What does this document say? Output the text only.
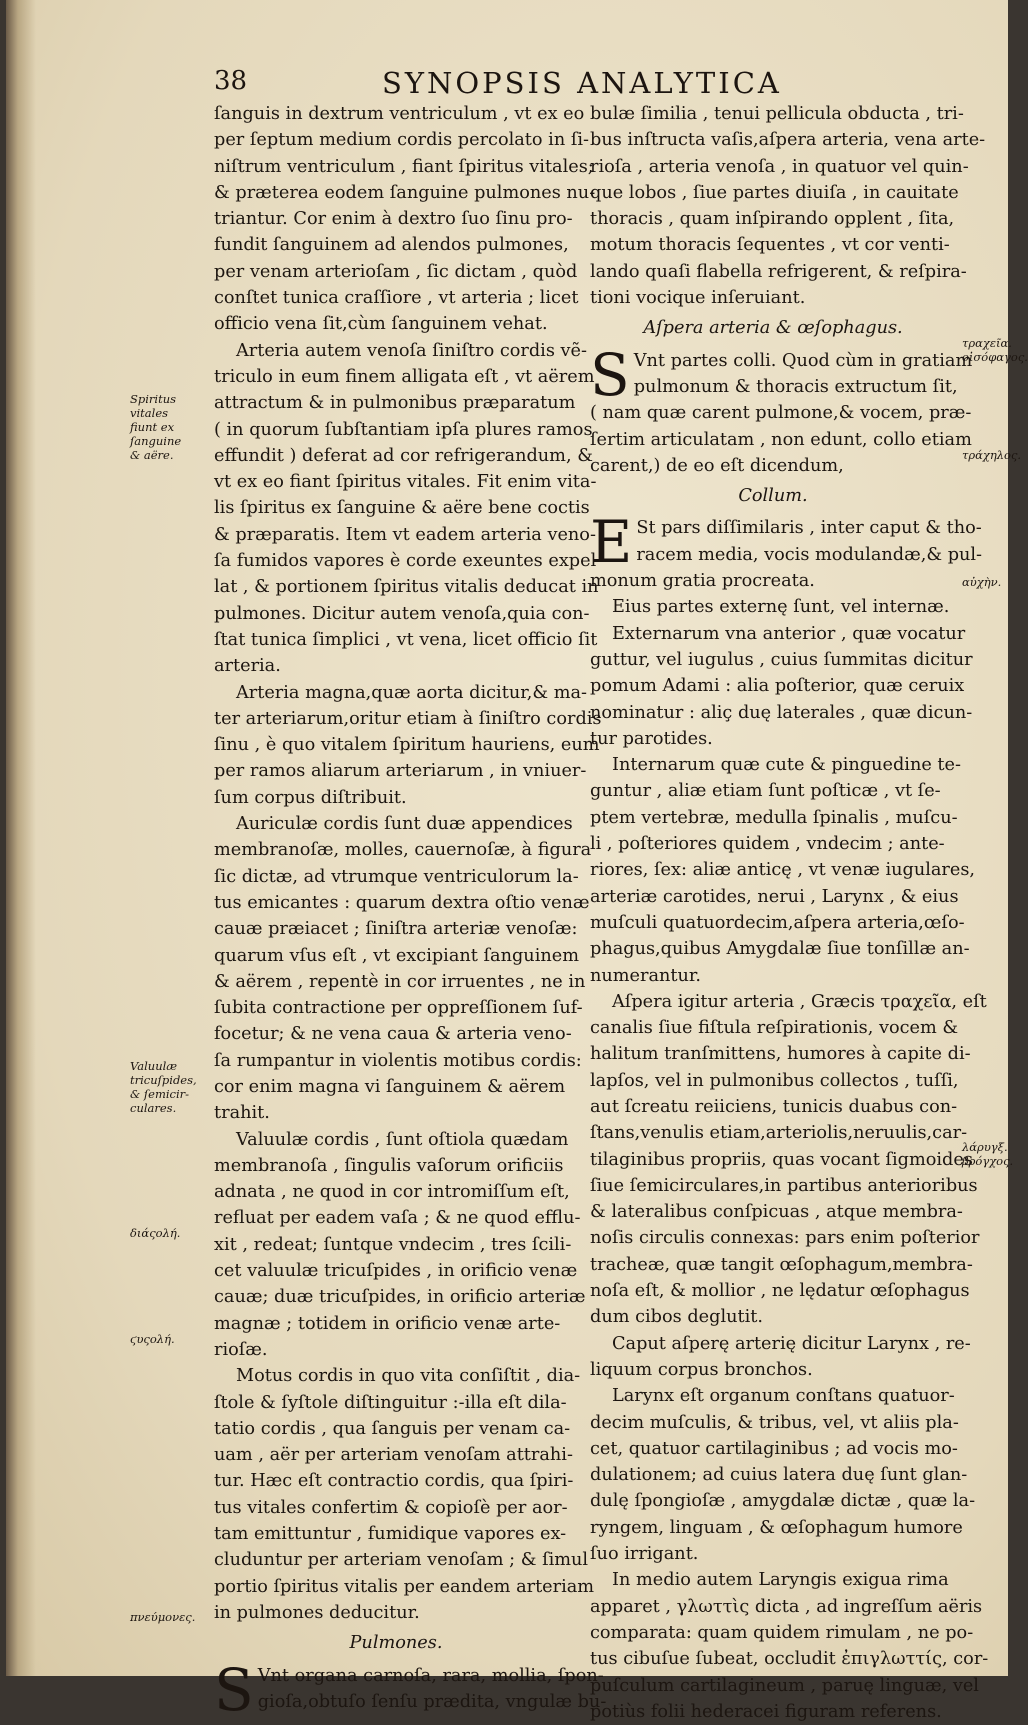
38	SYNOPSIS ANALYTICA

ſanguis in dextrum ventriculum , vt ex eo
per ſeptum medium cordis percolato in ſi-
niſtrum ventriculum , fiant ſpiritus vitales;
& præterea eodem ſanguine pulmones nu-
triantur. Cor enim à dextro ſuo ſinu pro-
fundit ſanguinem ad alendos pulmones,
per venam arterioſam , ſic dictam , quòd
conſtet tunica craſſiore , vt arteria ; licet
officio vena ſit,cùm ſanguinem vehat.

Arteria autem venoſa ſiniſtro cordis vẽ-
triculo in eum finem alligata eſt , vt aërem
attractum & in pulmonibus præparatum
( in quorum ſubſtantiam ipſa plures ramos
effundit ) deferat ad cor refrigerandum, &
vt ex eo fiant ſpiritus vitales. Fit enim vita-
lis ſpiritus ex ſanguine & aëre bene coctis
& præparatis. Item vt eadem arteria veno-
ſa fumidos vapores è corde exeuntes expel-
lat , & portionem ſpiritus vitalis deducat in
pulmones. Dicitur autem venoſa,quia con-
ſtat tunica ſimplici , vt vena, licet officio ſit
arteria.

Arteria magna,quæ aorta dicitur,& ma-
ter arteriarum,oritur etiam à ſiniſtro cordis
ſinu , è quo vitalem ſpiritum hauriens, eum
per ramos aliarum arteriarum , in vniuer-
ſum corpus diſtribuit.

Auriculæ cordis ſunt duæ appendices
membranoſæ, molles, cauernoſæ, à figura
ſic dictæ, ad vtrumque ventriculorum la-
tus emicantes : quarum dextra oſtio venæ
cauæ præiacet ; ſiniſtra arteriæ venoſæ:
quarum vſus eſt , vt excipiant ſanguinem
& aërem , repentè in cor irruentes , ne in
ſubita contractione per oppreſſionem ſuf-
focetur; & ne vena caua & arteria veno-
ſa rumpantur in violentis motibus cordis:
cor enim magna vi ſanguinem & aërem
trahit.

Valuulæ cordis , ſunt oſtiola quædam
membranoſa , ſingulis vaſorum orificiis
adnata , ne quod in cor intromiſſum eſt,
refluat per eadem vaſa ; & ne quod efflu-
xit , redeat; ſuntque vndecim , tres ſcili-
cet valuulæ tricuſpides , in orificio venæ
cauæ; duæ tricuſpides, in orificio arteriæ
magnæ ; totidem in orificio venæ arte-
rioſæ.

Motus cordis in quo vita conſiſtit , dia-
ſtole & ſyſtole diſtinguitur :-illa eſt dila-
tatio cordis , qua ſanguis per venam ca-
uam , aër per arteriam venoſam attrahi-
tur. Hæc eſt contractio cordis, qua ſpiri-
tus vitales confertim & copioſè per aor-
tam emittuntur , fumidique vapores ex-
cluduntur per arteriam venoſam ; & ſimul
portio ſpiritus vitalis per eandem arteriam
in pulmones deducitur.

Pulmones.

S Vnt organa carnoſa, rara, mollia, ſpon-
gioſa,obtuſo ſenſu prædita, vngulæ bu-

bulæ ſimilia , tenui pellicula obducta , tri-
bus inſtructa vaſis,aſpera arteria, vena arte-
rioſa , arteria venoſa , in quatuor vel quin-
que lobos , ſiue partes diuiſa , in cauitate
thoracis , quam inſpirando opplent , ſita,
motum thoracis ſequentes , vt cor venti-
lando quaſi flabella refrigerent, & reſpira-
tioni vocique inſeruiant.

Aſpera arteria & œſophagus.

S Vnt partes colli. Quod cùm in gratiam
pulmonum & thoracis extructum ſit,
( nam quæ carent pulmone,& vocem, præ-
ſertim articulatam , non edunt, collo etiam
carent,) de eo eſt dicendum,

Collum.

E St pars diſſimilaris , inter caput & tho-
racem media, vocis modulandæ,& pul-
monum gratia procreata.

Eius partes externę ſunt, vel internæ.

Externarum vna anterior , quæ vocatur
guttur, vel iugulus , cuius ſummitas dicitur
pomum Adami : alia poſterior, quæ ceruix
nominatur : aliç duę laterales , quæ dicun-
tur parotides.

Internarum quæ cute & pinguedine te-
guntur , aliæ etiam ſunt poſticæ , vt ſe-
ptem vertebræ, medulla ſpinalis , muſcu-
li , poſteriores quidem , vndecim ; ante-
riores, ſex: aliæ anticę , vt venæ iugulares,
arteriæ carotides, nerui , Larynx , & eius
muſculi quatuordecim,aſpera arteria,œſo-
phagus,quibus Amygdalæ ſiue tonſillæ an-
numerantur.

Aſpera igitur arteria , Græcis τραχεῖα, eſt
canalis ſiue fiſtula reſpirationis, vocem &
halitum tranſmittens, humores à capite di-
lapſos, vel in pulmonibus collectos , tuſſi,
aut ſcreatu reiiciens, tunicis duabus con-
ſtans,venulis etiam,arteriolis,neruulis,car-
tilaginibus propriis, quas vocant ſigmoides
ſiue ſemicirculares,in partibus anterioribus
& lateralibus conſpicuas , atque membra-
noſis circulis connexas: pars enim poſterior
tracheæ, quæ tangit œſophagum,membra-
noſa eſt, & mollior , ne lędatur œſophagus
dum cibos deglutit.

Caput aſperę arterię dicitur Larynx , re-
liquum corpus bronchos.

Larynx eſt organum conſtans quatuor-
decim muſculis, & tribus, vel, vt aliis pla-
cet, quatuor cartilaginibus ; ad vocis mo-
dulationem; ad cuius latera duę ſunt glan-
dulę ſpongioſæ , amygdalæ dictæ , quæ la-
ryngem, linguam , & œſophagum humore
ſuo irrigant.

In medio autem Laryngis exigua rima
apparet , γλωττὶς dicta , ad ingreſſum aëris
comparata: quam quidem rimulam , ne po-
tus cibuſue ſubeat, occludit ἐπιγλωττίς, cor-
puſculum cartilagineum , paruę linguæ, vel
potiùs folii hederacei figuram referens.

Spiritus
vitales
fiunt ex
ſanguine
& aëre.
Valuulæ
tricuſpides,
& ſemicir-
culares.
διάςολή.
ϛυςολή.
πνεύμονες.
τραχεῖα.
οἰσόφαγος.
τράχηλος.
αὐχὴν.
λάρυγξ.
βρόγχος.
